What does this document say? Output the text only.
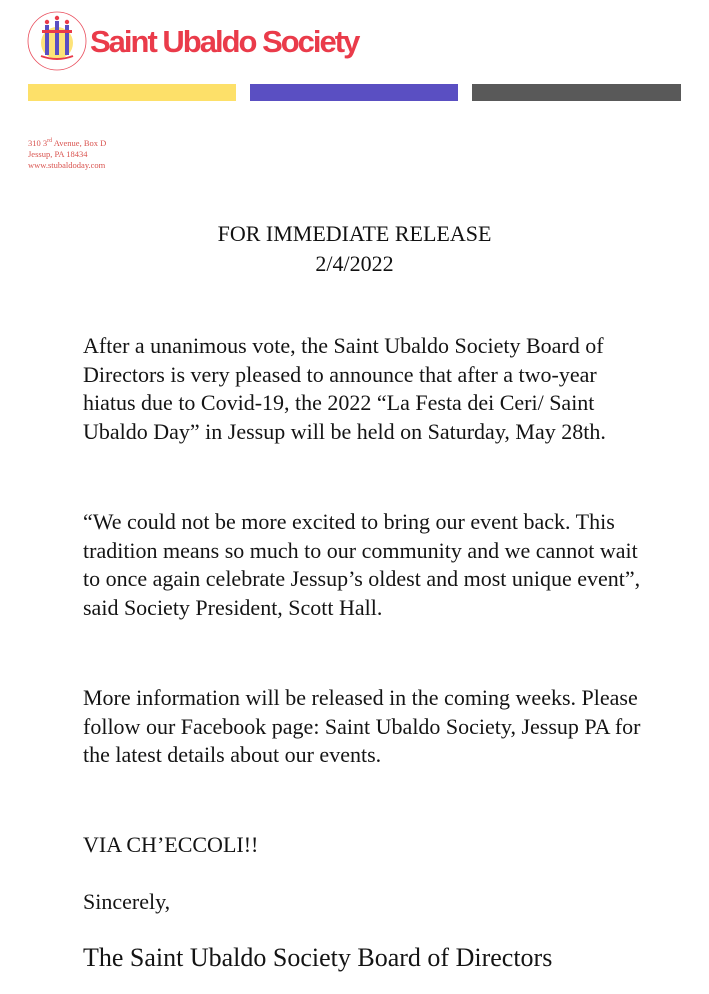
Saint Ubaldo Society
310 3rd Avenue, Box D
Jessup, PA 18434
www.stubaldoday.com
FOR IMMEDIATE RELEASE
2/4/2022
After a unanimous vote, the Saint Ubaldo Society Board of Directors is very pleased to announce that after a two-year hiatus due to Covid-19, the 2022 “La Festa dei Ceri/ Saint Ubaldo Day” in Jessup will be held on Saturday, May 28th.
“We could not be more excited to bring our event back. This tradition means so much to our community and we cannot wait to once again celebrate Jessup’s oldest and most unique event”, said Society President, Scott Hall.
More information will be released in the coming weeks. Please follow our Facebook page: Saint Ubaldo Society, Jessup PA for the latest details about our events.
VIA CH’ECCOLI!!
Sincerely,
The Saint Ubaldo Society Board of Directors
